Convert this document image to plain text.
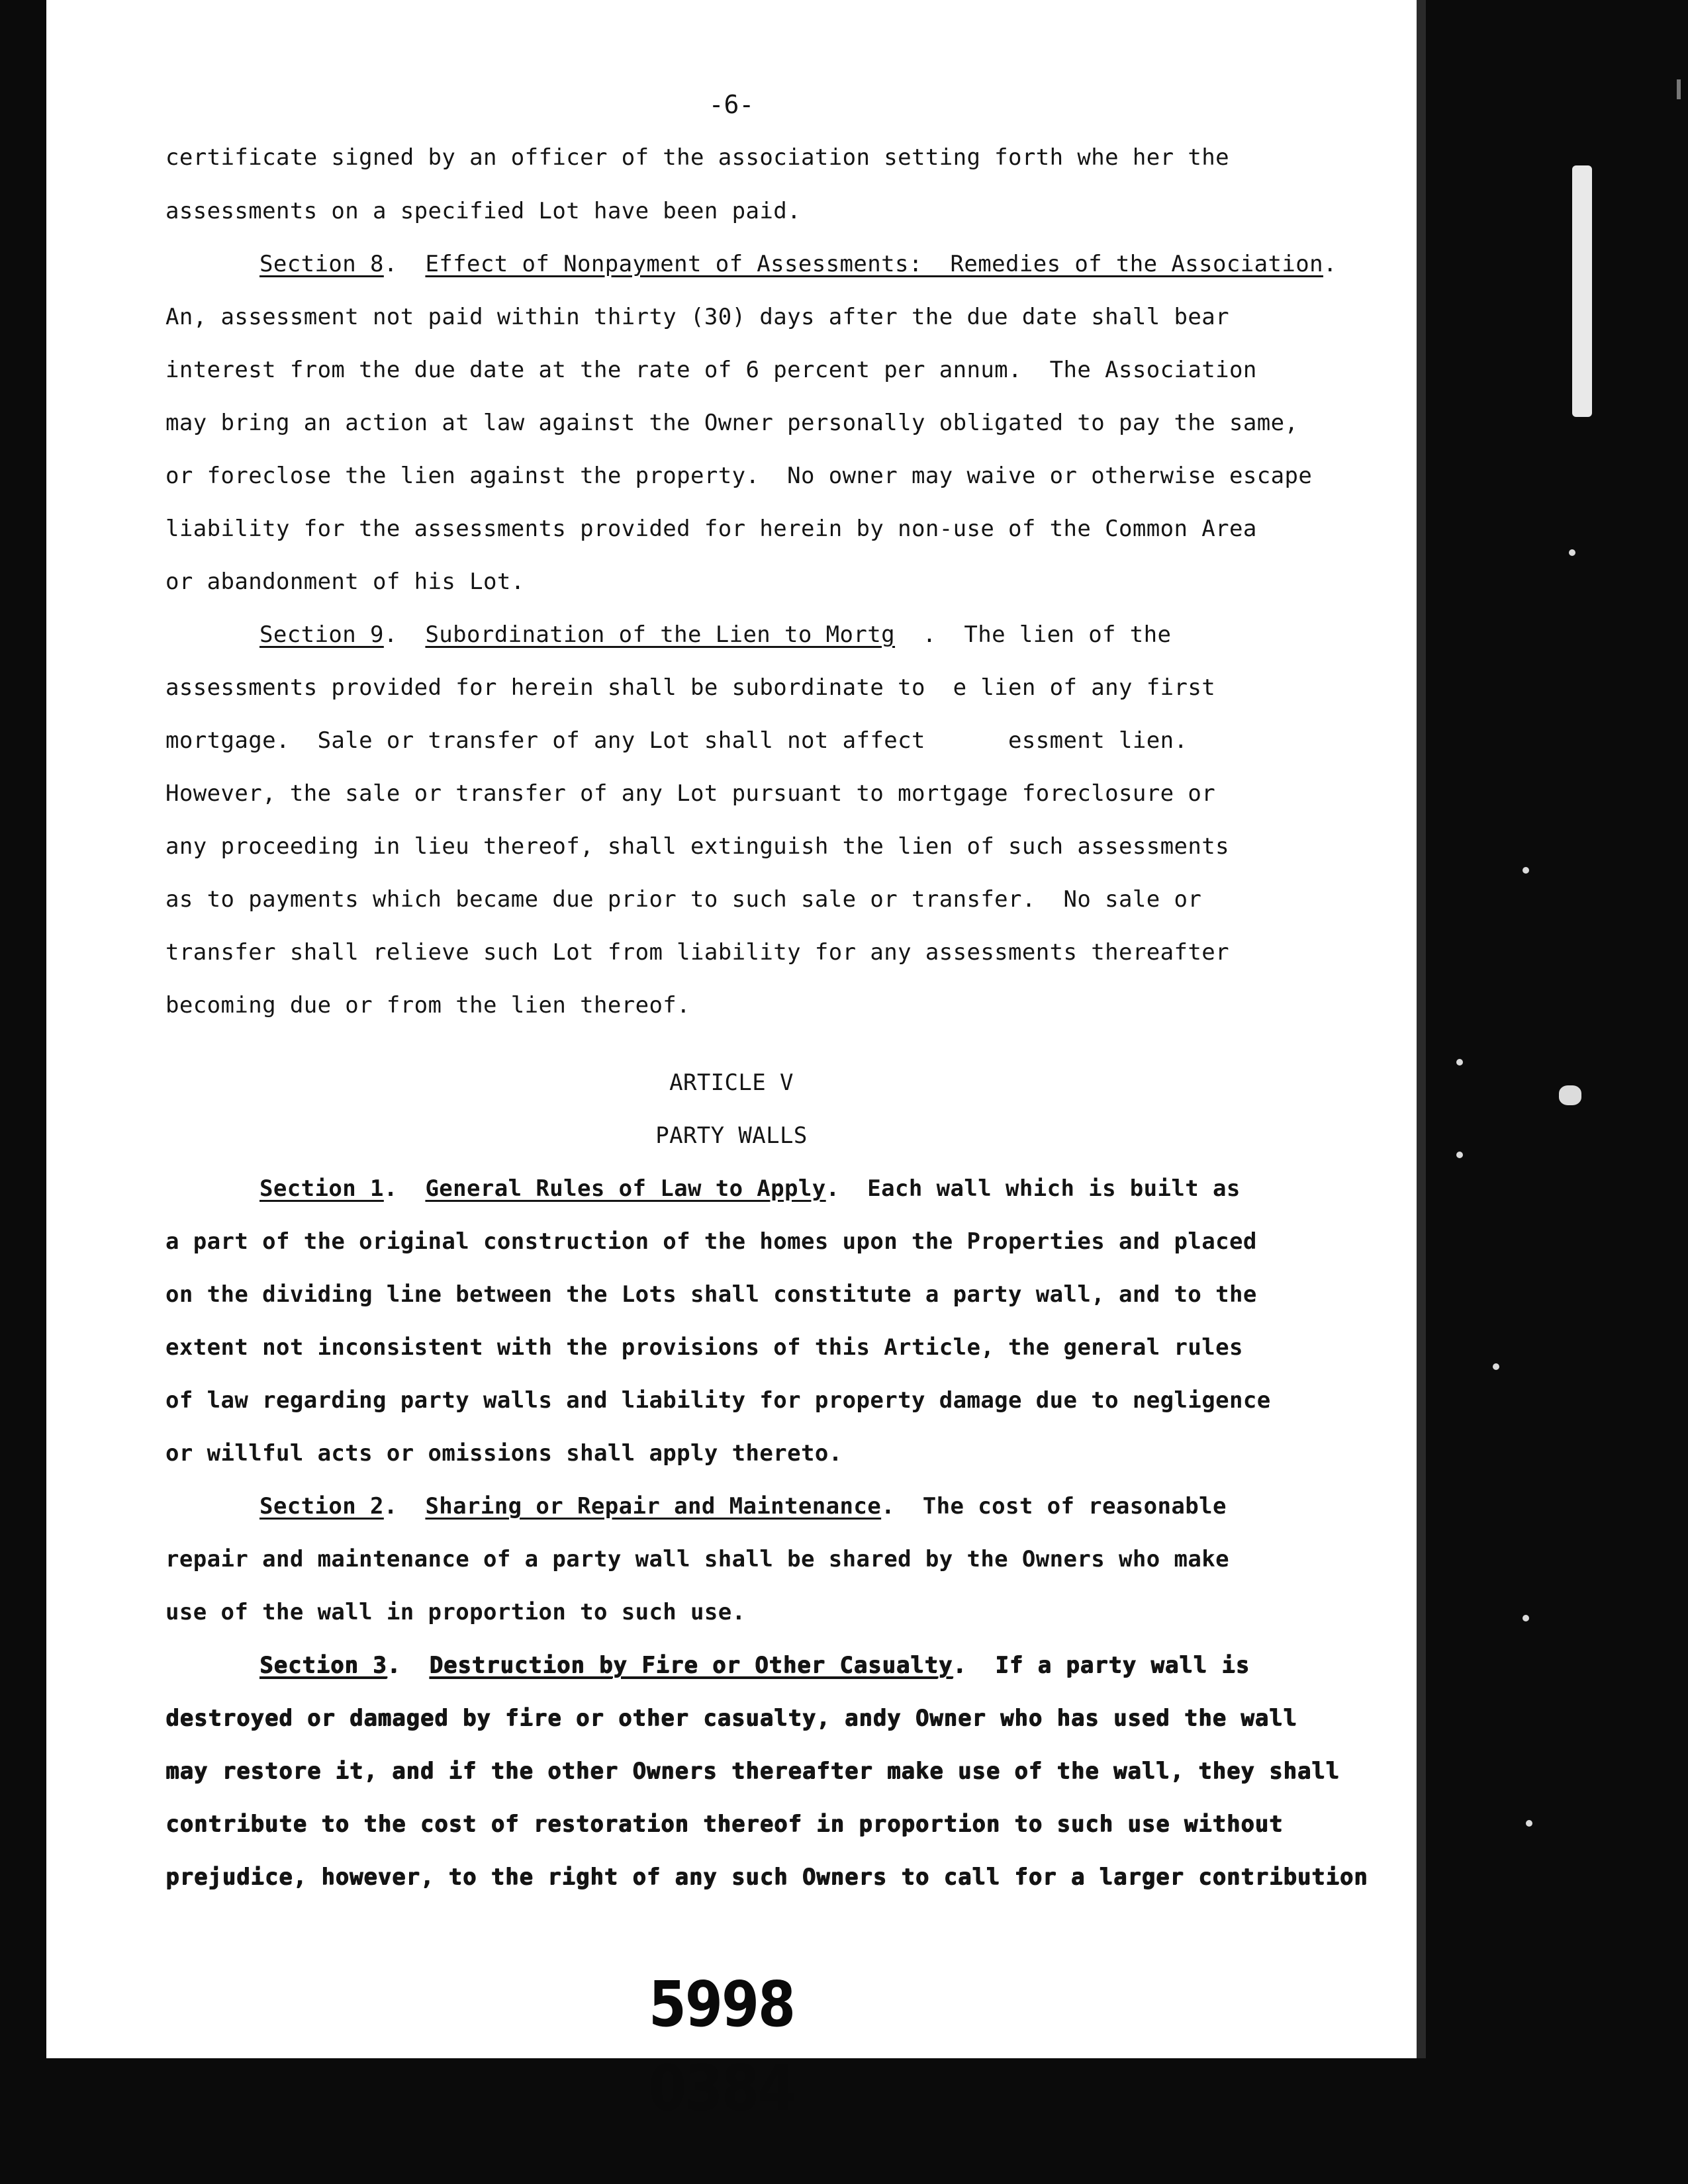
-6-
certificate signed by an officer of the association setting forth whe her the
assessments on a specified Lot have been paid.
Section 8.  Effect of Nonpayment of Assessments:  Remedies of the Association.
An, assessment not paid within thirty (30) days after the due date shall bear
interest from the due date at the rate of 6 percent per annum.  The Association
may bring an action at law against the Owner personally obligated to pay the same,
or foreclose the lien against the property.  No owner may waive or otherwise escape
liability for the assessments provided for herein by non-use of the Common Area
or abandonment of his Lot.
Section 9.  Subordination of the Lien to Mortg  .  The lien of the
assessments provided for herein shall be subordinate to  e lien of any first
mortgage.  Sale or transfer of any Lot shall not affect      essment lien.
However, the sale or transfer of any Lot pursuant to mortgage foreclosure or
any proceeding in lieu thereof, shall extinguish the lien of such assessments
as to payments which became due prior to such sale or transfer.  No sale or
transfer shall relieve such Lot from liability for any assessments thereafter
becoming due or from the lien thereof.
ARTICLE V
PARTY WALLS
Section 1.  General Rules of Law to Apply.  Each wall which is built as
a part of the original construction of the homes upon the Properties and placed
on the dividing line between the Lots shall constitute a party wall, and to the
extent not inconsistent with the provisions of this Article, the general rules
of law regarding party walls and liability for property damage due to negligence
or willful acts or omissions shall apply thereto.
Section 2.  Sharing or Repair and Maintenance.  The cost of reasonable
repair and maintenance of a party wall shall be shared by the Owners who make
use of the wall in proportion to such use.
Section 3.  Destruction by Fire or Other Casualty.  If a party wall is
destroyed or damaged by fire or other casualty, andy Owner who has used the wall
may restore it, and if the other Owners thereafter make use of the wall, they shall
contribute to the cost of restoration thereof in proportion to such use without
prejudice, however, to the right of any such Owners to call for a larger contribution
5998 0384
